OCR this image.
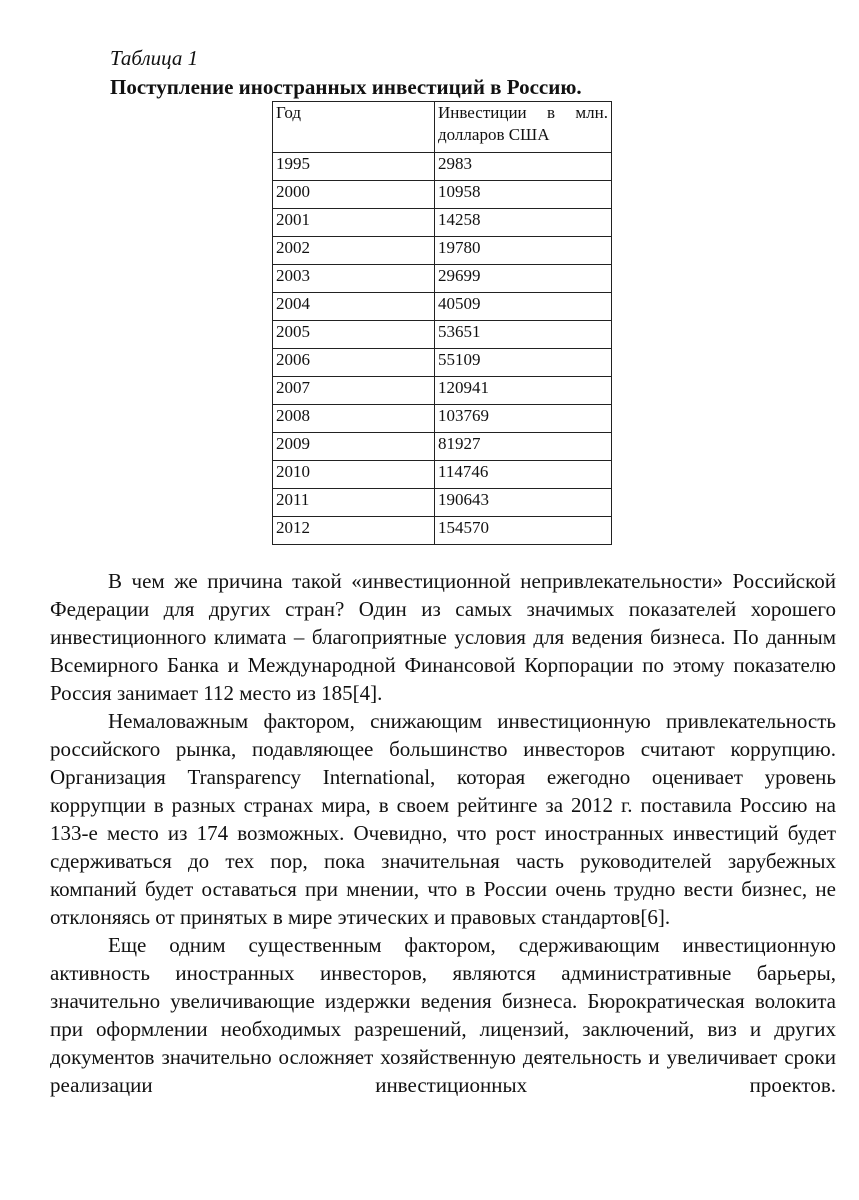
Таблица 1
Поступление иностранных инвестиций в Россию.
Год	Инвестиции в млн. долларов США
1995	2983
2000	10958
2001	14258
2002	19780
2003	29699
2004	40509
2005	53651
2006	55109
2007	120941
2008	103769
2009	81927
2010	114746
2011	190643
2012	154570

В чем же причина такой «инвестиционной непривлекательности» Российской Федерации для других стран? Один из самых значимых показателей хорошего инвестиционного климата – благоприятные условия для ведения бизнеса. По данным Всемирного Банка и Международной Финансовой Корпорации по этому показателю Россия занимает 112 место из 185[4].

Немаловажным фактором, снижающим инвестиционную привлекательность российского рынка, подавляющее большинство инвесторов считают коррупцию. Организация Transparency International, которая ежегодно оценивает уровень коррупции в разных странах мира, в своем рейтинге за 2012 г. поставила Россию на 133-е место из 174 возможных. Очевидно, что рост иностранных инвестиций будет сдерживаться до тех пор, пока значительная часть руководителей зарубежных компаний будет оставаться при мнении, что в России очень трудно вести бизнес, не отклоняясь от принятых в мире этических и правовых стандартов[6].

Еще одним существенным фактором, сдерживающим инвестиционную активность иностранных инвесторов, являются административные барьеры, значительно увеличивающие издержки ведения бизнеса. Бюрократическая волокита при оформлении необходимых разрешений, лицензий, заключений, виз и других документов значительно осложняет хозяйственную деятельность и увеличивает сроки реализации инвестиционных проектов.
